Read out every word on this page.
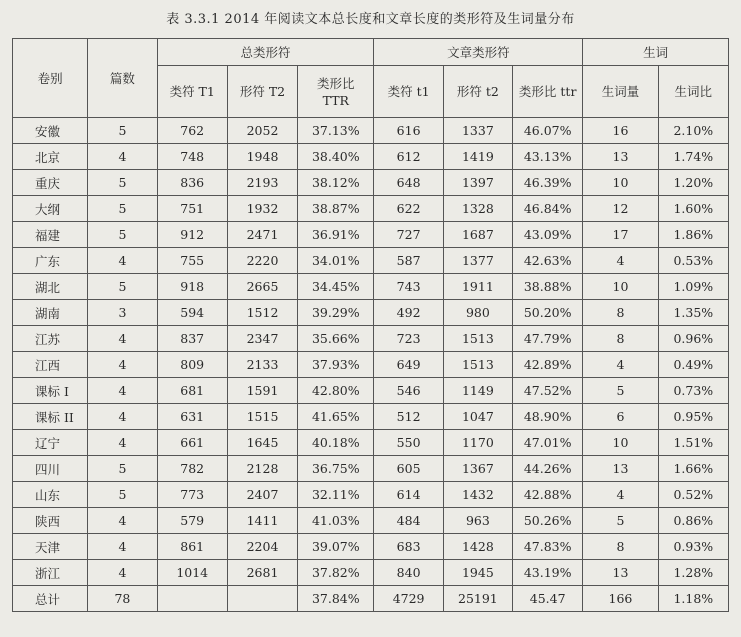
表 3.3.1 2014 年阅读文本总长度和文章长度的类形符及生词量分布
卷别	篇数	总类形符			文章类形符			生词	
		类符 T1	形符 T2	类形比
TTR	类符 t1	形符 t2	类形比 ttr	生词量	生词比
安徽	5	762	2052	37.13%	616	1337	46.07%	16	2.10%
北京	4	748	1948	38.40%	612	1419	43.13%	13	1.74%
重庆	5	836	2193	38.12%	648	1397	46.39%	10	1.20%
大纲	5	751	1932	38.87%	622	1328	46.84%	12	1.60%
福建	5	912	2471	36.91%	727	1687	43.09%	17	1.86%
广东	4	755	2220	34.01%	587	1377	42.63%	4	0.53%
湖北	5	918	2665	34.45%	743	1911	38.88%	10	1.09%
湖南	3	594	1512	39.29%	492	980	50.20%	8	1.35%
江苏	4	837	2347	35.66%	723	1513	47.79%	8	0.96%
江西	4	809	2133	37.93%	649	1513	42.89%	4	0.49%
课标 I	4	681	1591	42.80%	546	1149	47.52%	5	0.73%
课标 II	4	631	1515	41.65%	512	1047	48.90%	6	0.95%
辽宁	4	661	1645	40.18%	550	1170	47.01%	10	1.51%
四川	5	782	2128	36.75%	605	1367	44.26%	13	1.66%
山东	5	773	2407	32.11%	614	1432	42.88%	4	0.52%
陕西	4	579	1411	41.03%	484	963	50.26%	5	0.86%
天津	4	861	2204	39.07%	683	1428	47.83%	8	0.93%
浙江	4	1014	2681	37.82%	840	1945	43.19%	13	1.28%
总计	78			37.84%	4729	25191	45.47	166	1.18%
